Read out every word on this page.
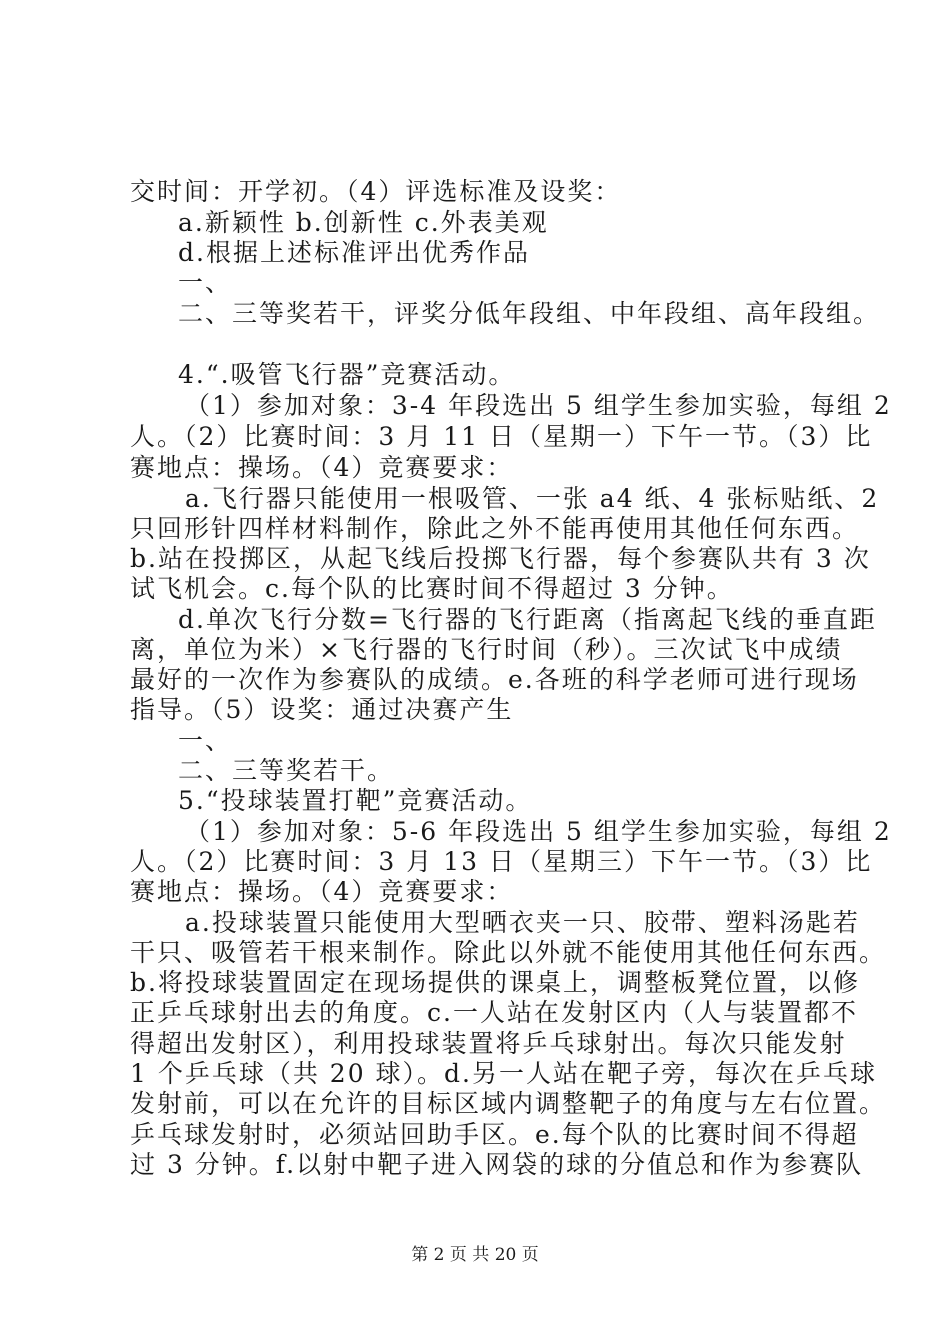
交时间：开学初。（4）评选标准及设奖：
a.新颖性 b.创新性 c.外表美观
d.根据上述标准评出优秀作品
一、
二、三等奖若干，评奖分低年段组、中年段组、高年段组。
4.“.吸管飞行器”竞赛活动。
（1）参加对象：3-4 年段选出 5 组学生参加实验，每组 2
人。（2）比赛时间：3 月 11 日（星期一）下午一节。（3）比
赛地点：操场。（4）竞赛要求：
a.飞行器只能使用一根吸管、一张 a4 纸、4 张标贴纸、2
只回形针四样材料制作，除此之外不能再使用其他任何东西。
b.站在投掷区，从起飞线后投掷飞行器，每个参赛队共有 3 次
试飞机会。c.每个队的比赛时间不得超过 3 分钟。
d.单次飞行分数=飞行器的飞行距离（指离起飞线的垂直距
离，单位为米）×飞行器的飞行时间（秒）。三次试飞中成绩
最好的一次作为参赛队的成绩。e.各班的科学老师可进行现场
指导。（5）设奖：通过决赛产生
一、
二、三等奖若干。
5.“投球装置打靶”竞赛活动。
（1）参加对象：5-6 年段选出 5 组学生参加实验，每组 2
人。（2）比赛时间：3 月 13 日（星期三）下午一节。（3）比
赛地点：操场。（4）竞赛要求：
a.投球装置只能使用大型晒衣夹一只、胶带、塑料汤匙若
干只、吸管若干根来制作。除此以外就不能使用其他任何东西。
b.将投球装置固定在现场提供的课桌上，调整板凳位置，以修
正乒乓球射出去的角度。c.一人站在发射区内（人与装置都不
得超出发射区），利用投球装置将乒乓球射出。每次只能发射
1 个乒乓球（共 20 球）。d.另一人站在靶子旁，每次在乒乓球
发射前，可以在允许的目标区域内调整靶子的角度与左右位置。
乒乓球发射时，必须站回助手区。e.每个队的比赛时间不得超
过 3 分钟。f.以射中靶子进入网袋的球的分值总和作为参赛队
第 2 页 共 20 页
